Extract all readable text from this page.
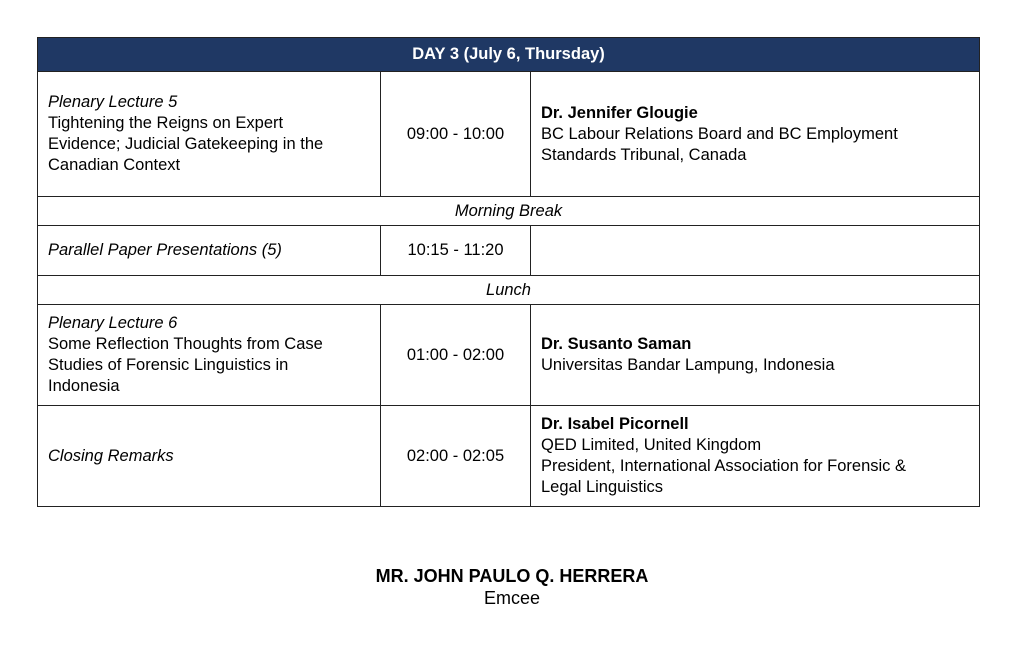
DAY 3 (July 6, Thursday)		

Plenary Lecture 5
Tightening the Reigns on Expert
Evidence; Judicial Gatekeeping in the
Canadian Context	09:00 - 10:00	Dr. Jennifer Glougie
BC Labour Relations Board and BC Employment
Standards Tribunal, Canada

Morning Break		

Parallel Paper Presentations (5)	10:15 - 11:20	
Lunch		

Plenary Lecture 6
Some Reflection Thoughts from Case
Studies of Forensic Linguistics in
Indonesia	01:00 - 02:00	Dr. Susanto Saman
Universitas Bandar Lampung, Indonesia

Closing Remarks	02:00 - 02:05	Dr. Isabel Picornell
QED Limited, United Kingdom
President, International Association for Forensic &
Legal Linguistics
MR. JOHN PAULO Q. HERRERA
Emcee
